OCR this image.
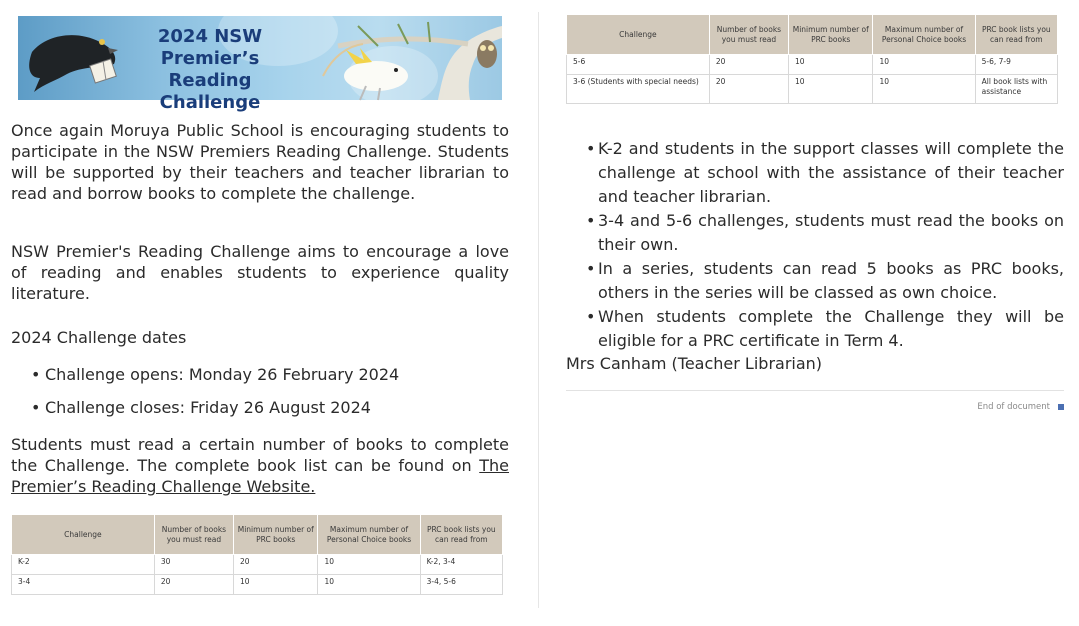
2024 NSW
Premier’s Reading
Challenge

Once again Moruya Public School is encouraging students to participate in the NSW Premiers Reading Challenge. Students will be supported by their teachers and teacher librarian to read and borrow books to complete the challenge.

NSW Premier's Reading Challenge aims to encourage a love of reading and enables students to experience quality literature.

2024 Challenge dates

• Challenge opens: Monday 26 February 2024

• Challenge closes: Friday 26 August 2024

Students must read a certain number of books to complete the Challenge. The complete book list can be found on The Premier’s Reading Challenge Website.

Challenge	Number of books you must read	Minimum number of PRC books	Maximum number of Personal Choice books	PRC book lists you can read from
K-2	30	20	10	K-2, 3-4
3-4	20	10	10	3-4, 5-6
Challenge	Number of books you must read	Minimum number of PRC books	Maximum number of Personal Choice books	PRC book lists you can read from
5-6	20	10	10	5-6, 7-9
3-6 (Students with special needs)	20	10	10	All book lists with assistance
• K-2 and students in the support classes will complete the challenge at school with the assistance of their teacher and teacher librarian.
• 3-4 and 5-6 challenges, students must read the books on their own.
• In a series, students can read 5 books as PRC books, others in the series will be classed as own choice.
• When students complete the Challenge they will be eligible for a PRC certificate in Term 4.

Mrs Canham (Teacher Librarian)

End of document
